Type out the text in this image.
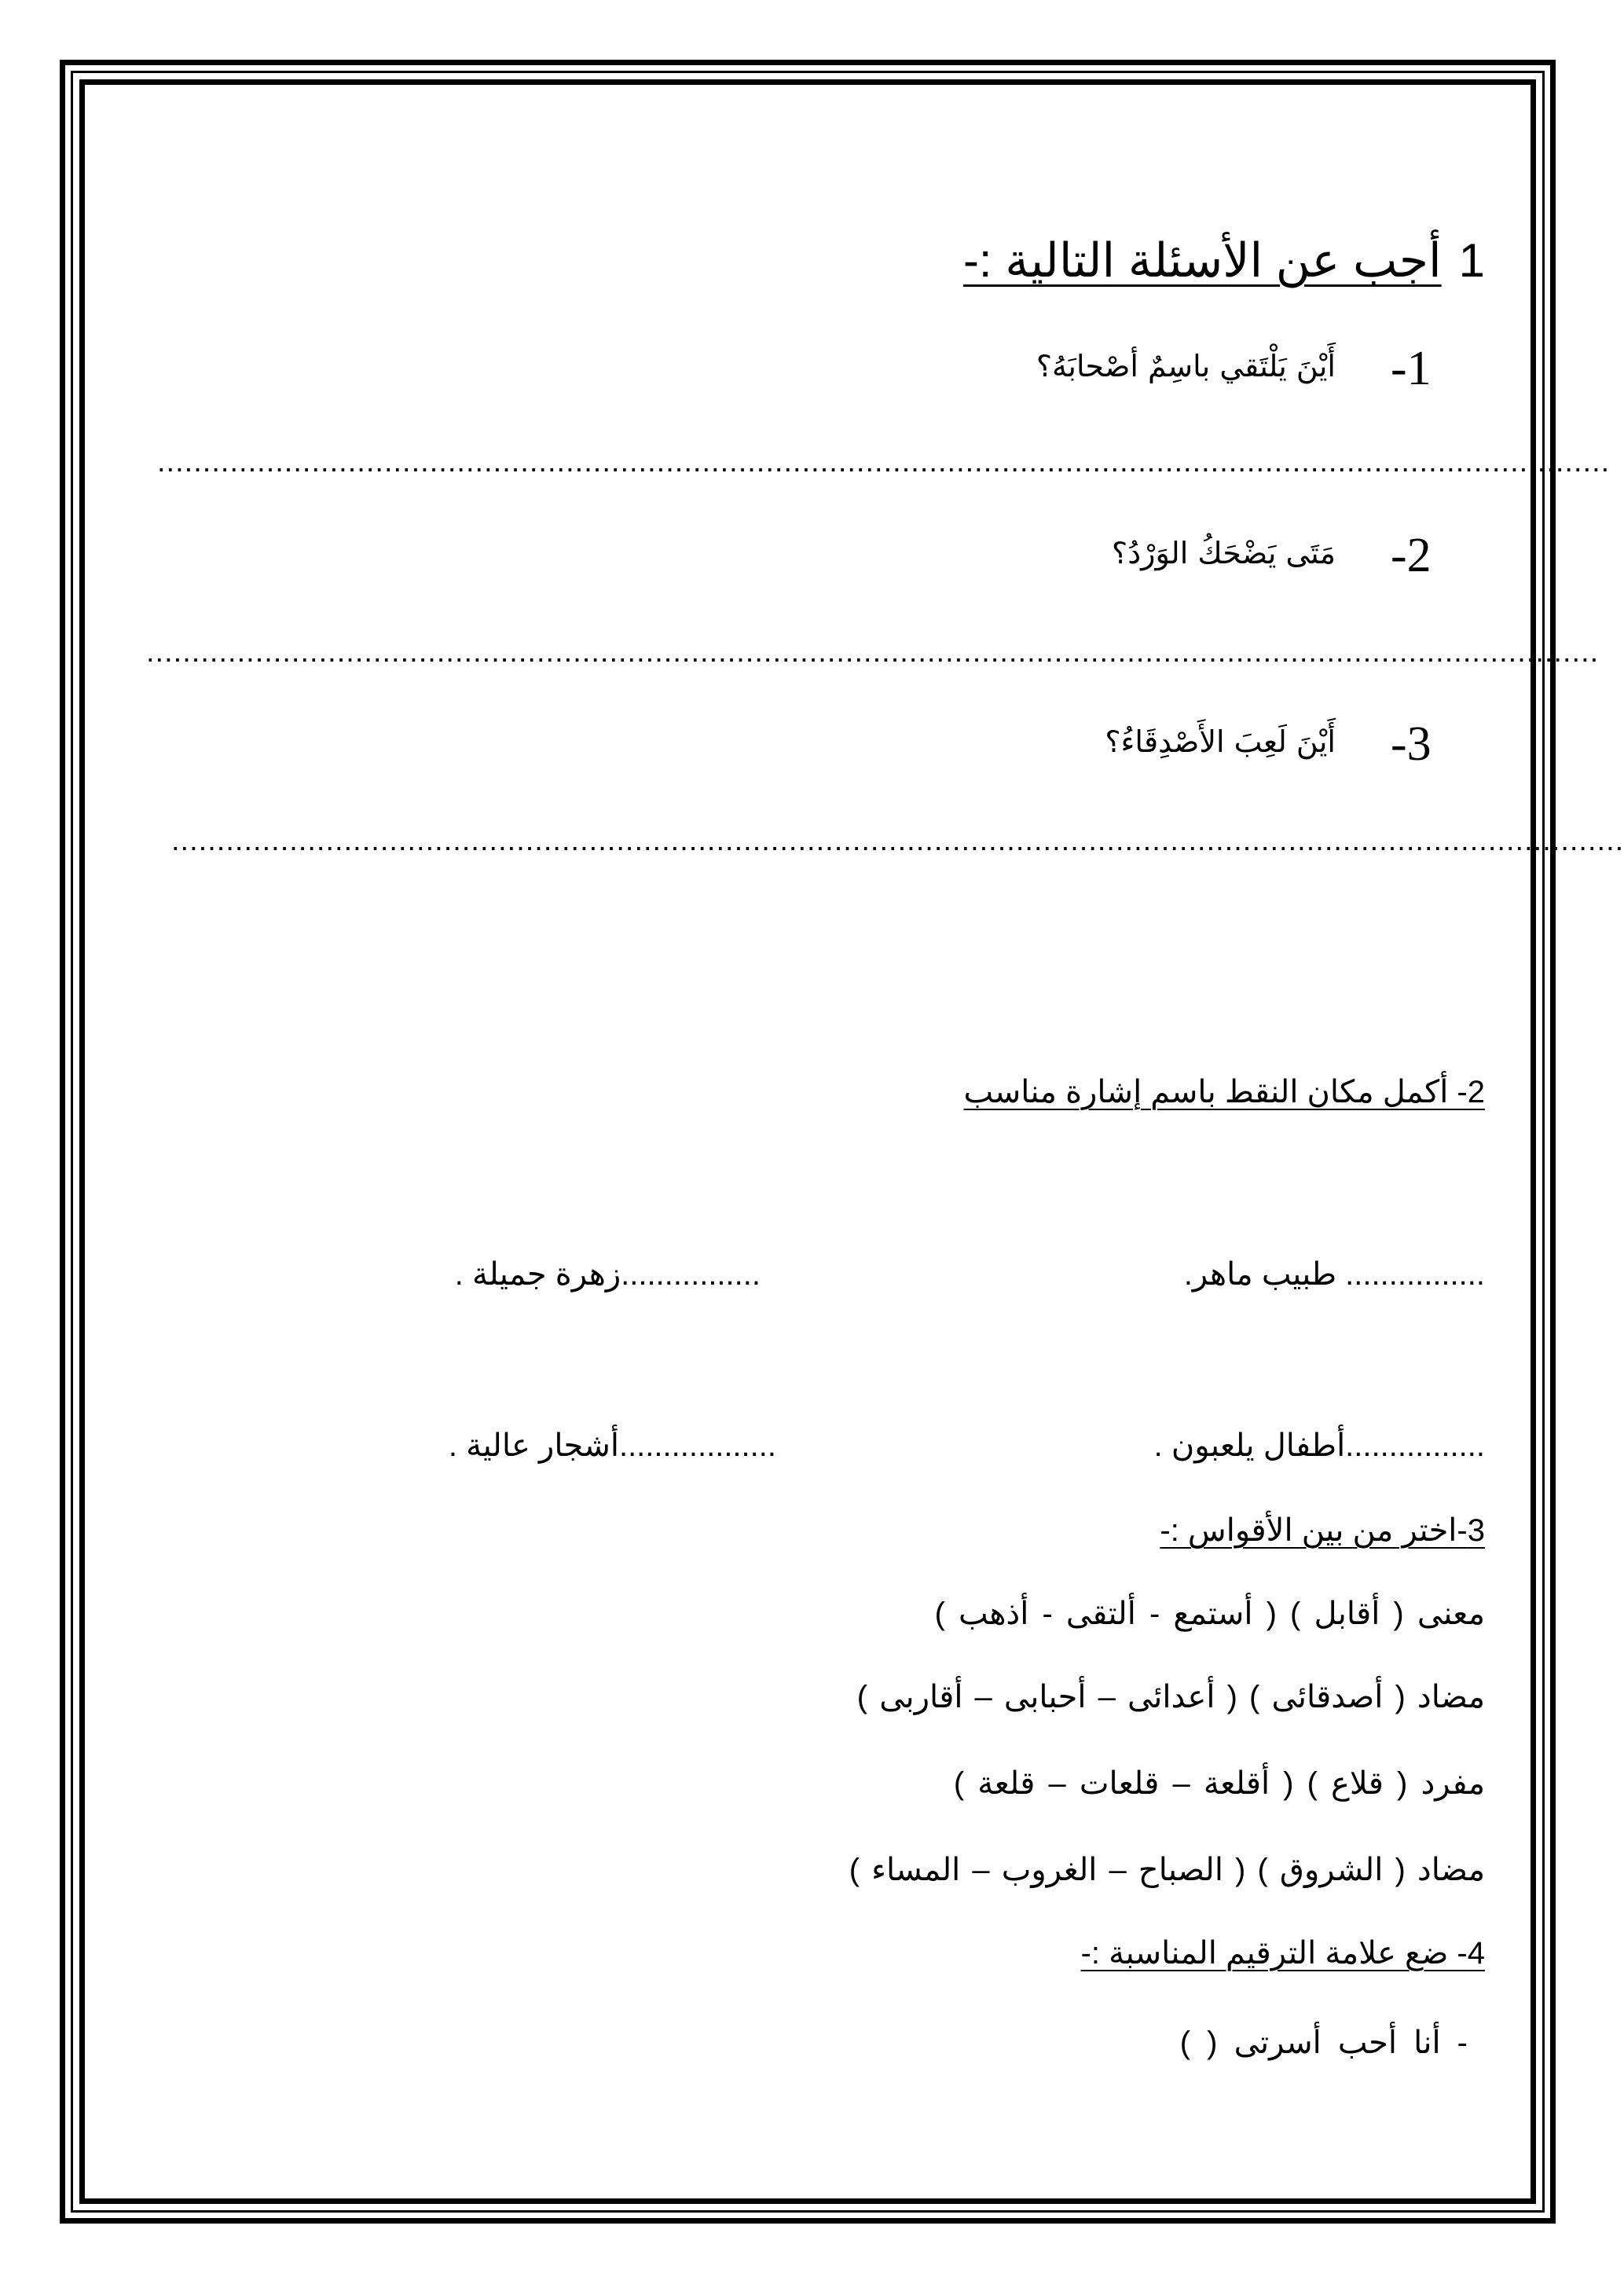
1أجب عن الأسئلة التالية :-
-1
أَيْنَ يَلْتَقي باسِمٌ أصْحابَهُ؟
................................................................................................................................................................
-2
مَتَى يَضْحَكُ الوَرْدُ؟
................................................................................................................................................................
-3
أَيْنَ لَعِبَ الأَصْدِقَاءُ؟
................................................................................................................................................................
2- أكمل مكان النقط باسم إشارة مناسب
................ طبيب ماهر.
................زهرة جميلة .
................أطفال يلعبون .
..................أشجار عالية .
3-اختر من بين الأقواس :-
معنى ( أقابل ) ( أستمع - ألتقى - أذهب )
مضاد ( أصدقائى ) ( أعدائى – أحبابى – أقاربى )
مفرد ( قلاع ) ( أقلعة – قلعات – قلعة )
مضاد ( الشروق ) ( الصباح – الغروب – المساء )
4- ضع علامة الترقيم المناسبة :-
- أنا أحب أسرتى ( )
